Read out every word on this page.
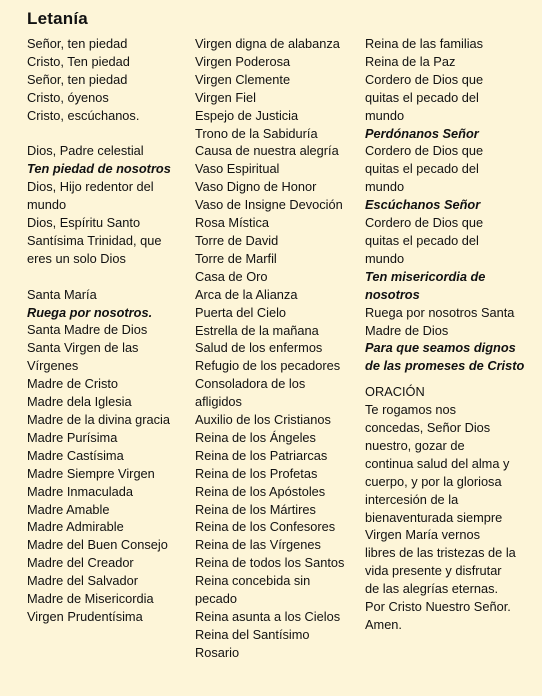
Letanía
Señor, ten piedad
Cristo, Ten piedad
Señor, ten piedad
Cristo, óyenos
Cristo, escúchanos.
Dios, Padre celestial
Ten piedad de nosotros
Dios, Hijo redentor del
mundo
Dios, Espíritu Santo
Santísima Trinidad, que
eres un solo Dios
Santa María
Ruega por nosotros.
Santa Madre de Dios
Santa Virgen de las
Vírgenes
Madre de Cristo
Madre dela Iglesia
Madre de la divina gracia
Madre Purísima
Madre Castísima
Madre Siempre Virgen
Madre Inmaculada
Madre Amable
Madre Admirable
Madre del Buen Consejo
Madre del Creador
Madre del Salvador
Madre de Misericordia
Virgen Prudentísima
Virgen digna de alabanza
Virgen Poderosa
Virgen Clemente
Virgen Fiel
Espejo de Justicia
Trono de la Sabiduría
Causa de nuestra alegría
Vaso Espiritual
Vaso Digno de Honor
Vaso de Insigne Devoción
Rosa Mística
Torre de David
Torre de Marfil
Casa de Oro
Arca de la Alianza
Puerta del Cielo
Estrella de la mañana
Salud de los enfermos
Refugio de los pecadores
Consoladora de los
afligidos
Auxilio de los Cristianos
Reina de los Ángeles
Reina de los Patriarcas
Reina de los Profetas
Reina de los Apóstoles
Reina de los Mártires
Reina de los Confesores
Reina de las Vírgenes
Reina de todos los Santos
Reina concebida sin
pecado
Reina asunta a los Cielos
Reina del Santísimo
Rosario
Reina de las familias
Reina de la Paz
Cordero de Dios que
quitas el pecado del
mundo
Perdónanos Señor
Cordero de Dios que
quitas el pecado del
mundo
Escúchanos Señor
Cordero de Dios que
quitas el pecado del
mundo
Ten misericordia de
nosotros
Ruega por nosotros Santa
Madre de Dios
Para que seamos dignos
de las promeses de Cristo
ORACIÓN
Te rogamos nos
concedas, Señor Dios
nuestro, gozar de
continua salud del alma y
cuerpo, y por la gloriosa
intercesión de la
bienaventurada siempre
Virgen María vernos
libres de las tristezas de la
vida presente y disfrutar
de las alegrías eternas.
Por Cristo Nuestro Señor.
Amen.
